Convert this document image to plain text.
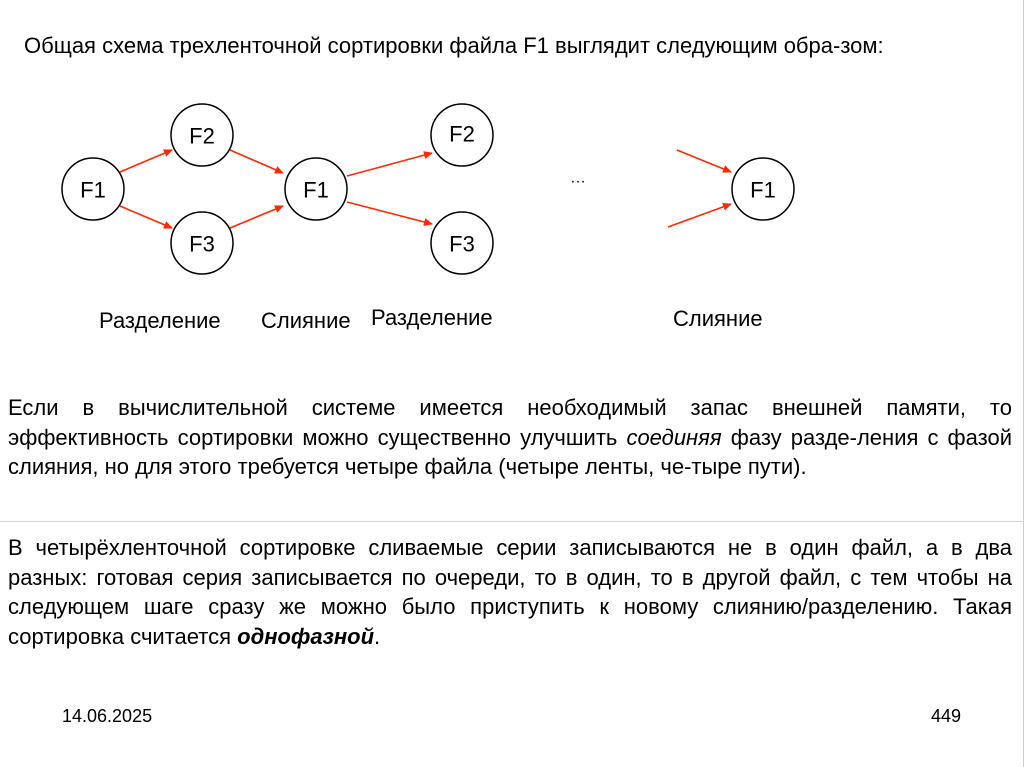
Общая схема трехленточной сортировки файла F1 выглядит следующим обра-зом:
F1
F2
F3
F1
F2
F3
F1
…
Разделение Слияние Разделение	Слияние
Если в вычислительной системе имеется необходимый запас внешней памяти, то эффективность сортировки можно существенно улучшить соединяя фазу разде-ления с фазой слияния, но для этого требуется четыре файла (четыре ленты, че-тыре пути).
В четырёхленточной сортировке сливаемые серии записываются не в один файл, а в два разных: готовая серия записывается по очереди, то в один, то в другой файл, с тем чтобы на следующем шаге сразу же можно было приступить к новому слиянию/разделению. Такая сортировка считается однофазной.
14.06.2025	449
